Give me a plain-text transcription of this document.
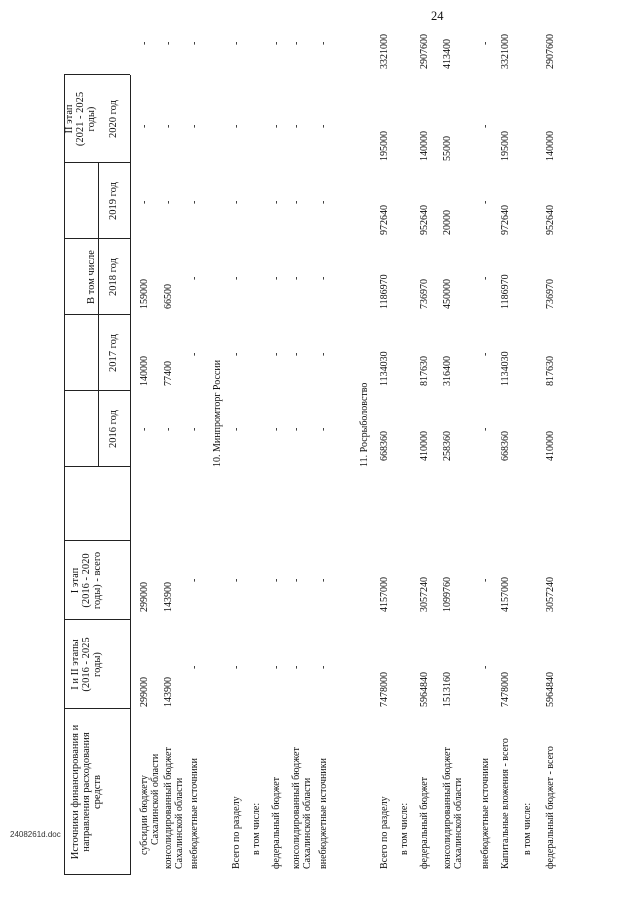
24
2408261d.doc Источники финансирования и направления расходования средств
I и II этапы (2016 - 2025 годы)
I этап (2016 - 2020 годы) - всего
В том числе
2016 год
2017 год
2018 год
2019 год
2020 год
II этап (2021 - 2025 годы)
субсидии бюджету Сахалинской области
299000
299000
-
140000
159000
-
-
-
консолидированный бюджет Сахалинской области
143900
143900
-
77400
66500
-
-
-
внебюджетные источники
-
-
-
-
-
-
-
-
10. Минпромторг России
Всего по разделу
-
-
-
-
-
-
-
-
в том числе: федеральный бюджет
-
-
-
-
-
-
-
-
консолидированный бюджет Сахалинской области
-
-
-
-
-
-
-
-
внебюджетные источники
-
-
-
-
-
-
-
-
11. Росрыболовство
Всего по разделу
7478000
4157000
668360
1134030
1186970
972640
195000
3321000
в том числе: федеральный бюджет
5964840
3057240
410000
817630
736970
952640
140000
2907600
консолидированный бюджет Сахалинской области
1513160
1099760
258360
316400
450000
20000
55000
413400
внебюджетные источники
-
-
-
-
-
-
-
-
Капитальные вложения - всего
7478000
4157000
668360
1134030
1186970
972640
195000
3321000
в том числе: федеральный бюджет - всего
5964840
3057240
410000
817630
736970
952640
140000
2907600
